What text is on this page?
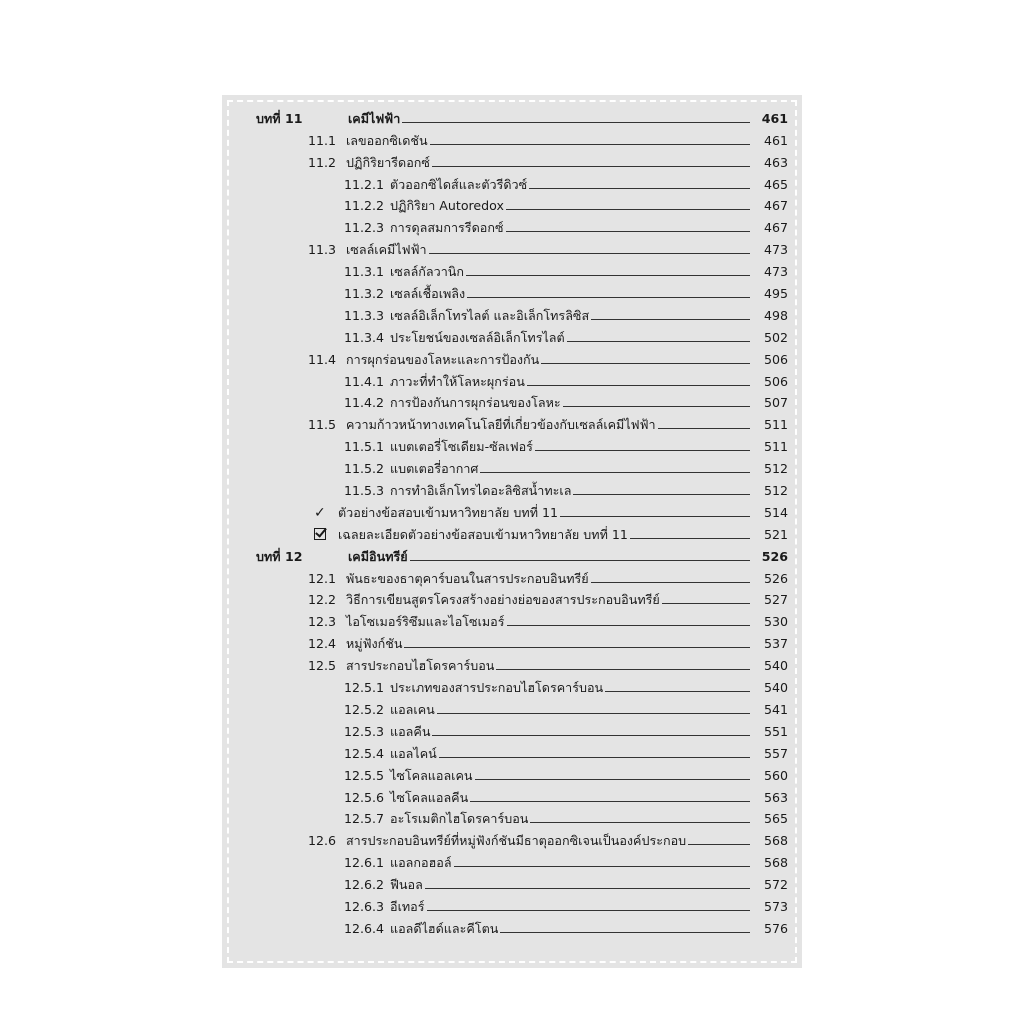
บทที่ 11	เคมีไฟฟ้า	461
11.1 เลขออกซิเดชัน	461
11.2 ปฏิกิริยารีดอกซ์	463
11.2.1 ตัวออกซิไดส์และตัวรีดิวซ์	465
11.2.2 ปฏิกิริยา Autoredox	467
11.2.3 การดุลสมการรีดอกซ์	467
11.3 เซลล์เคมีไฟฟ้า	473
11.3.1 เซลล์กัลวานิก	473
11.3.2 เซลล์เชื้อเพลิง	495
11.3.3 เซลล์อิเล็กโทรไลต์ และอิเล็กโทรลิซิส	498
11.3.4 ประโยชน์ของเซลล์อิเล็กโทรไลต์	502
11.4 การผุกร่อนของโลหะและการป้องกัน	506
11.4.1 ภาวะที่ทำให้โลหะผุกร่อน	506
11.4.2 การป้องกันการผุกร่อนของโลหะ	507
11.5 ความก้าวหน้าทางเทคโนโลยีที่เกี่ยวข้องกับเซลล์เคมีไฟฟ้า	511
11.5.1 แบตเตอรี่โซเดียม-ซัลเฟอร์	511
11.5.2 แบตเตอรี่อากาศ	512
11.5.3 การทำอิเล็กโทรไดอะลิซิสน้ำทะเล	512
✓ ตัวอย่างข้อสอบเข้ามหาวิทยาลัย บทที่ 11	514
เฉลยละเอียดตัวอย่างข้อสอบเข้ามหาวิทยาลัย บทที่ 11	521
บทที่ 12	เคมีอินทรีย์	526
12.1 พันธะของธาตุคาร์บอนในสารประกอบอินทรีย์	526
12.2 วิธีการเขียนสูตรโครงสร้างอย่างย่อของสารประกอบอินทรีย์	527
12.3 ไอโซเมอร์ริซึมและไอโซเมอร์	530
12.4 หมู่ฟังก์ชัน	537
12.5 สารประกอบไฮโดรคาร์บอน	540
12.5.1 ประเภทของสารประกอบไฮโดรคาร์บอน	540
12.5.2 แอลเคน	541
12.5.3 แอลคีน	551
12.5.4 แอลไคน์	557
12.5.5 ไซโคลแอลเคน	560
12.5.6 ไซโคลแอลคีน	563
12.5.7 อะโรเมติกไฮโดรคาร์บอน	565
12.6 สารประกอบอินทรีย์ที่หมู่ฟังก์ชันมีธาตุออกซิเจนเป็นองค์ประกอบ	568
12.6.1 แอลกอฮอล์	568
12.6.2 ฟีนอล	572
12.6.3 อีเทอร์	573
12.6.4 แอลดีไฮด์และคีโตน	576
